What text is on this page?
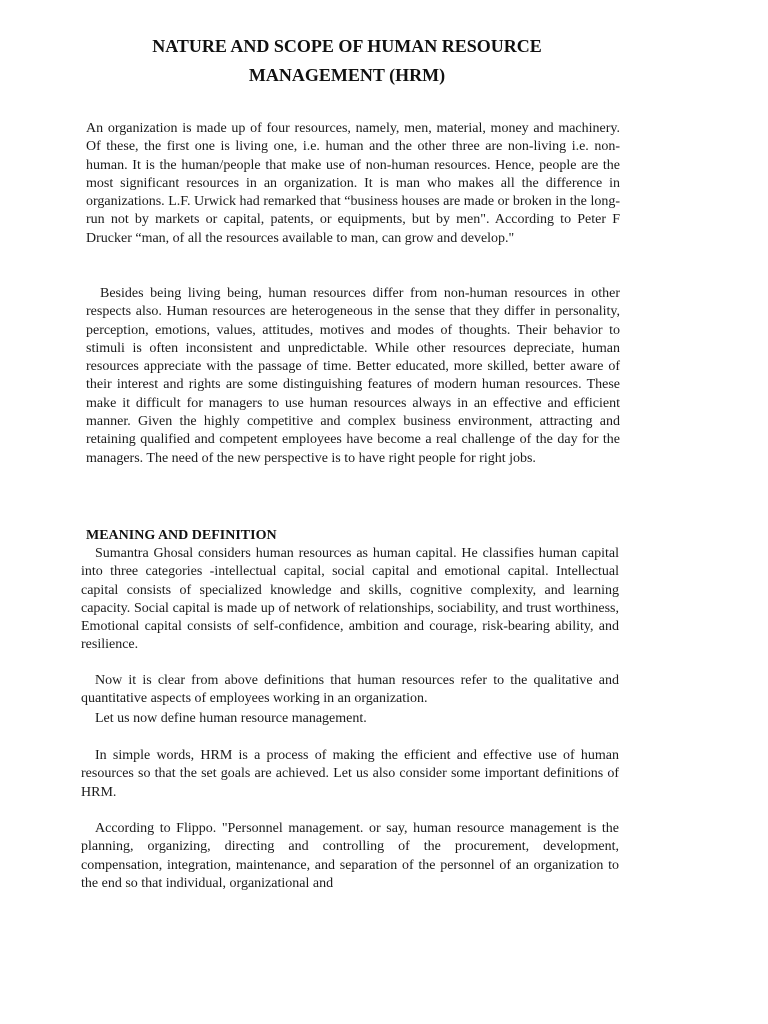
NATURE AND SCOPE OF HUMAN RESOURCE
MANAGEMENT (HRM)

An organization is made up of four resources, namely, men, material, money and machinery. Of these, the first one is living one, i.e. human and the other three are non-living i.e. non-human. It is the human/people that make use of non-human resources. Hence, people are the most significant resources in an organization. It is man who makes all the difference in organizations. L.F. Urwick had remarked that “business houses are made or broken in the long-run not by markets or capital, patents, or equipments, but by men". According to Peter F Drucker “man, of all the resources available to man, can grow and develop."

Besides being living being, human resources differ from non-human resources in other respects also. Human resources are heterogeneous in the sense that they differ in personality, perception, emotions, values, attitudes, motives and modes of thoughts. Their behavior to stimuli is often inconsistent and unpredictable. While other resources depreciate, human resources appreciate with the passage of time. Better educated, more skilled, better aware of their interest and rights are some distinguishing features of modern human resources. These make it difficult for managers to use human resources always in an effective and efficient manner. Given the highly competitive and complex business environment, attracting and retaining qualified and competent employees have become a real challenge of the day for the managers. The need of the new perspective is to have right people for right jobs.

MEANING AND DEFINITION

Sumantra Ghosal considers human resources as human capital. He classifies human capital into three categories -intellectual capital, social capital and emotional capital. Intellectual capital consists of specialized knowledge and skills, cognitive complexity, and learning capacity. Social capital is made up of network of relationships, sociability, and trust worthiness, Emotional capital consists of self-confidence, ambition and courage, risk-bearing ability, and resilience.

Now it is clear from above definitions that human resources refer to the qualitative and quantitative aspects of employees working in an organization.

Let us now define human resource management.

In simple words, HRM is a process of making the efficient and effective use of human resources so that the set goals are achieved. Let us also consider some important definitions of HRM.

According to Flippo. "Personnel management. or say, human resource management is the planning, organizing, directing and controlling of the procurement, development, compensation, integration, maintenance, and separation of the personnel of an organization to the end so that individual, organizational and
